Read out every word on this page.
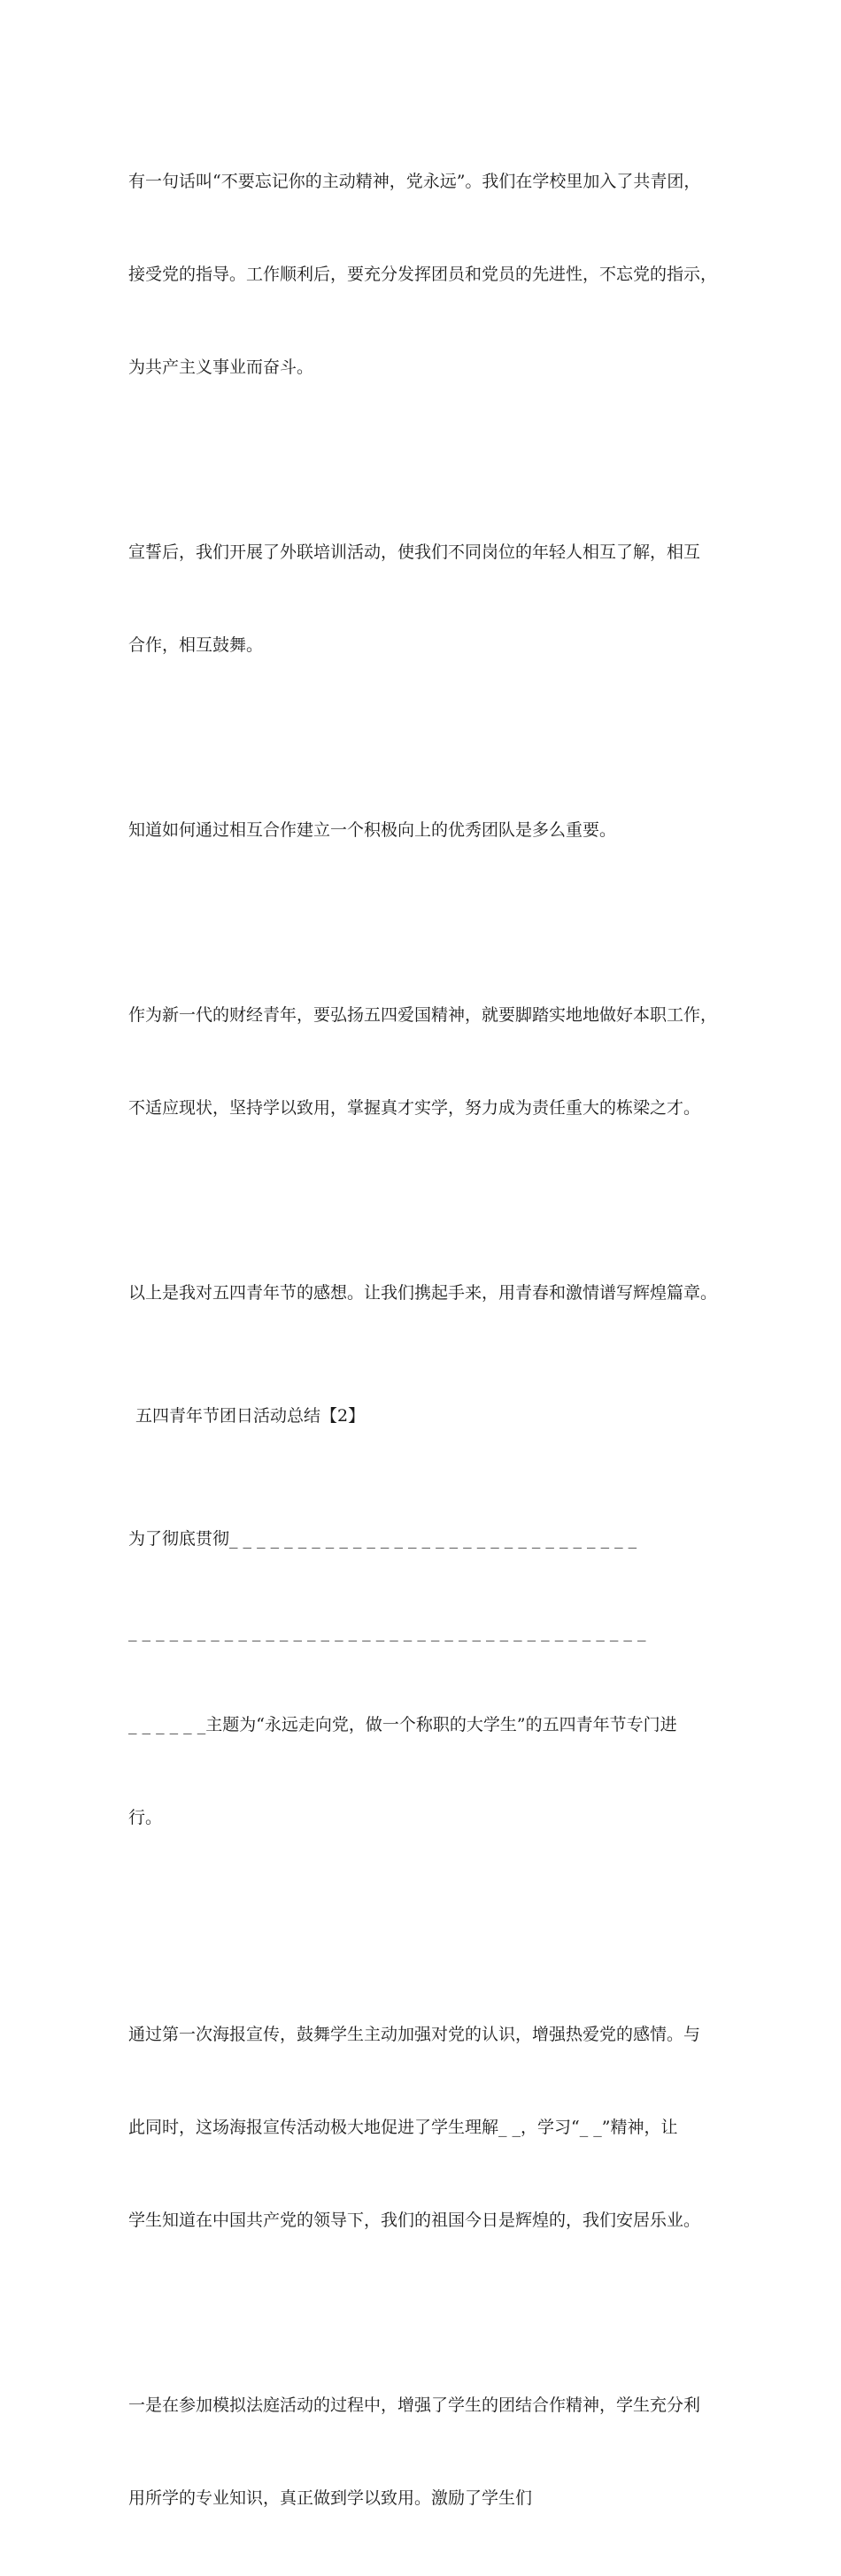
有一句话叫“不要忘记你的主动精神，党永远”。我们在学校里加入了共青团，

接受党的指导。工作顺利后，要充分发挥团员和党员的先进性，不忘党的指示，

为共产主义事业而奋斗。

宣誓后，我们开展了外联培训活动，使我们不同岗位的年轻人相互了解，相互

合作，相互鼓舞。

知道如何通过相互合作建立一个积极向上的优秀团队是多么重要。

作为新一代的财经青年，要弘扬五四爱国精神，就要脚踏实地地做好本职工作，

不适应现状，坚持学以致用，掌握真才实学，努力成为责任重大的栋梁之才。

以上是我对五四青年节的感想。让我们携起手来，用青春和激情谱写辉煌篇章。

五四青年节团日活动总结【2】

为了彻底贯彻_ _ _ _ _ _ _ _ _ _ _ _ _ _ _ _ _ _ _ _ _ _ _ _ _ _ _ _ _ _

_ _ _ _ _ _ _ _ _ _ _ _ _ _ _ _ _ _ _ _ _ _ _ _ _ _ _ _ _ _ _ _ _ _ _ _ _ _

_ _ _ _ _ _主题为“永远走向党，做一个称职的大学生”的五四青年节专门进

行。

通过第一次海报宣传，鼓舞学生主动加强对党的认识，增强热爱党的感情。与

此同时，这场海报宣传活动极大地促进了学生理解_ _，学习“_ _”精神，让

学生知道在中国共产党的领导下，我们的祖国今日是辉煌的，我们安居乐业。

一是在参加模拟法庭活动的过程中，增强了学生的团结合作精神，学生充分利

用所学的专业知识，真正做到学以致用。激励了学生们
